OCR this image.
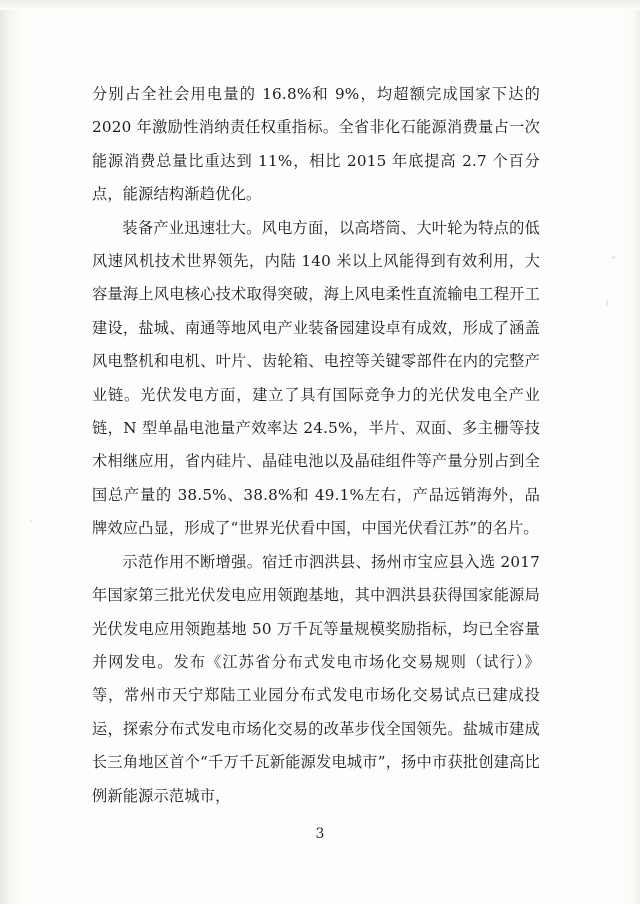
分别占全社会用电量的 16.8%和 9%，均超额完成国家下达的 2020 年激励性消纳责任权重指标。全省非化石能源消费量占一次能源消费总量比重达到 11%，相比 2015 年底提高 2.7 个百分点，能源结构渐趋优化。

装备产业迅速壮大。风电方面，以高塔筒、大叶轮为特点的低风速风机技术世界领先，内陆 140 米以上风能得到有效利用，大容量海上风电核心技术取得突破，海上风电柔性直流输电工程开工建设，盐城、南通等地风电产业装备园建设卓有成效，形成了涵盖风电整机和电机、叶片、齿轮箱、电控等关键零部件在内的完整产业链。光伏发电方面，建立了具有国际竞争力的光伏发电全产业链，N 型单晶电池量产效率达 24.5%，半片、双面、多主栅等技术相继应用，省内硅片、晶硅电池以及晶硅组件等产量分别占到全国总产量的 38.5%、38.8%和 49.1%左右，产品远销海外，品牌效应凸显，形成了“世界光伏看中国，中国光伏看江苏”的名片。

示范作用不断增强。宿迁市泗洪县、扬州市宝应县入选 2017 年国家第三批光伏发电应用领跑基地，其中泗洪县获得国家能源局光伏发电应用领跑基地 50 万千瓦等量规模奖励指标，均已全容量并网发电。发布《江苏省分布式发电市场化交易规则（试行）》等，常州市天宁郑陆工业园分布式发电市场化交易试点已建成投运，探索分布式发电市场化交易的改革步伐全国领先。盐城市建成长三角地区首个“千万千瓦新能源发电城市”，扬中市获批创建高比例新能源示范城市，

3
